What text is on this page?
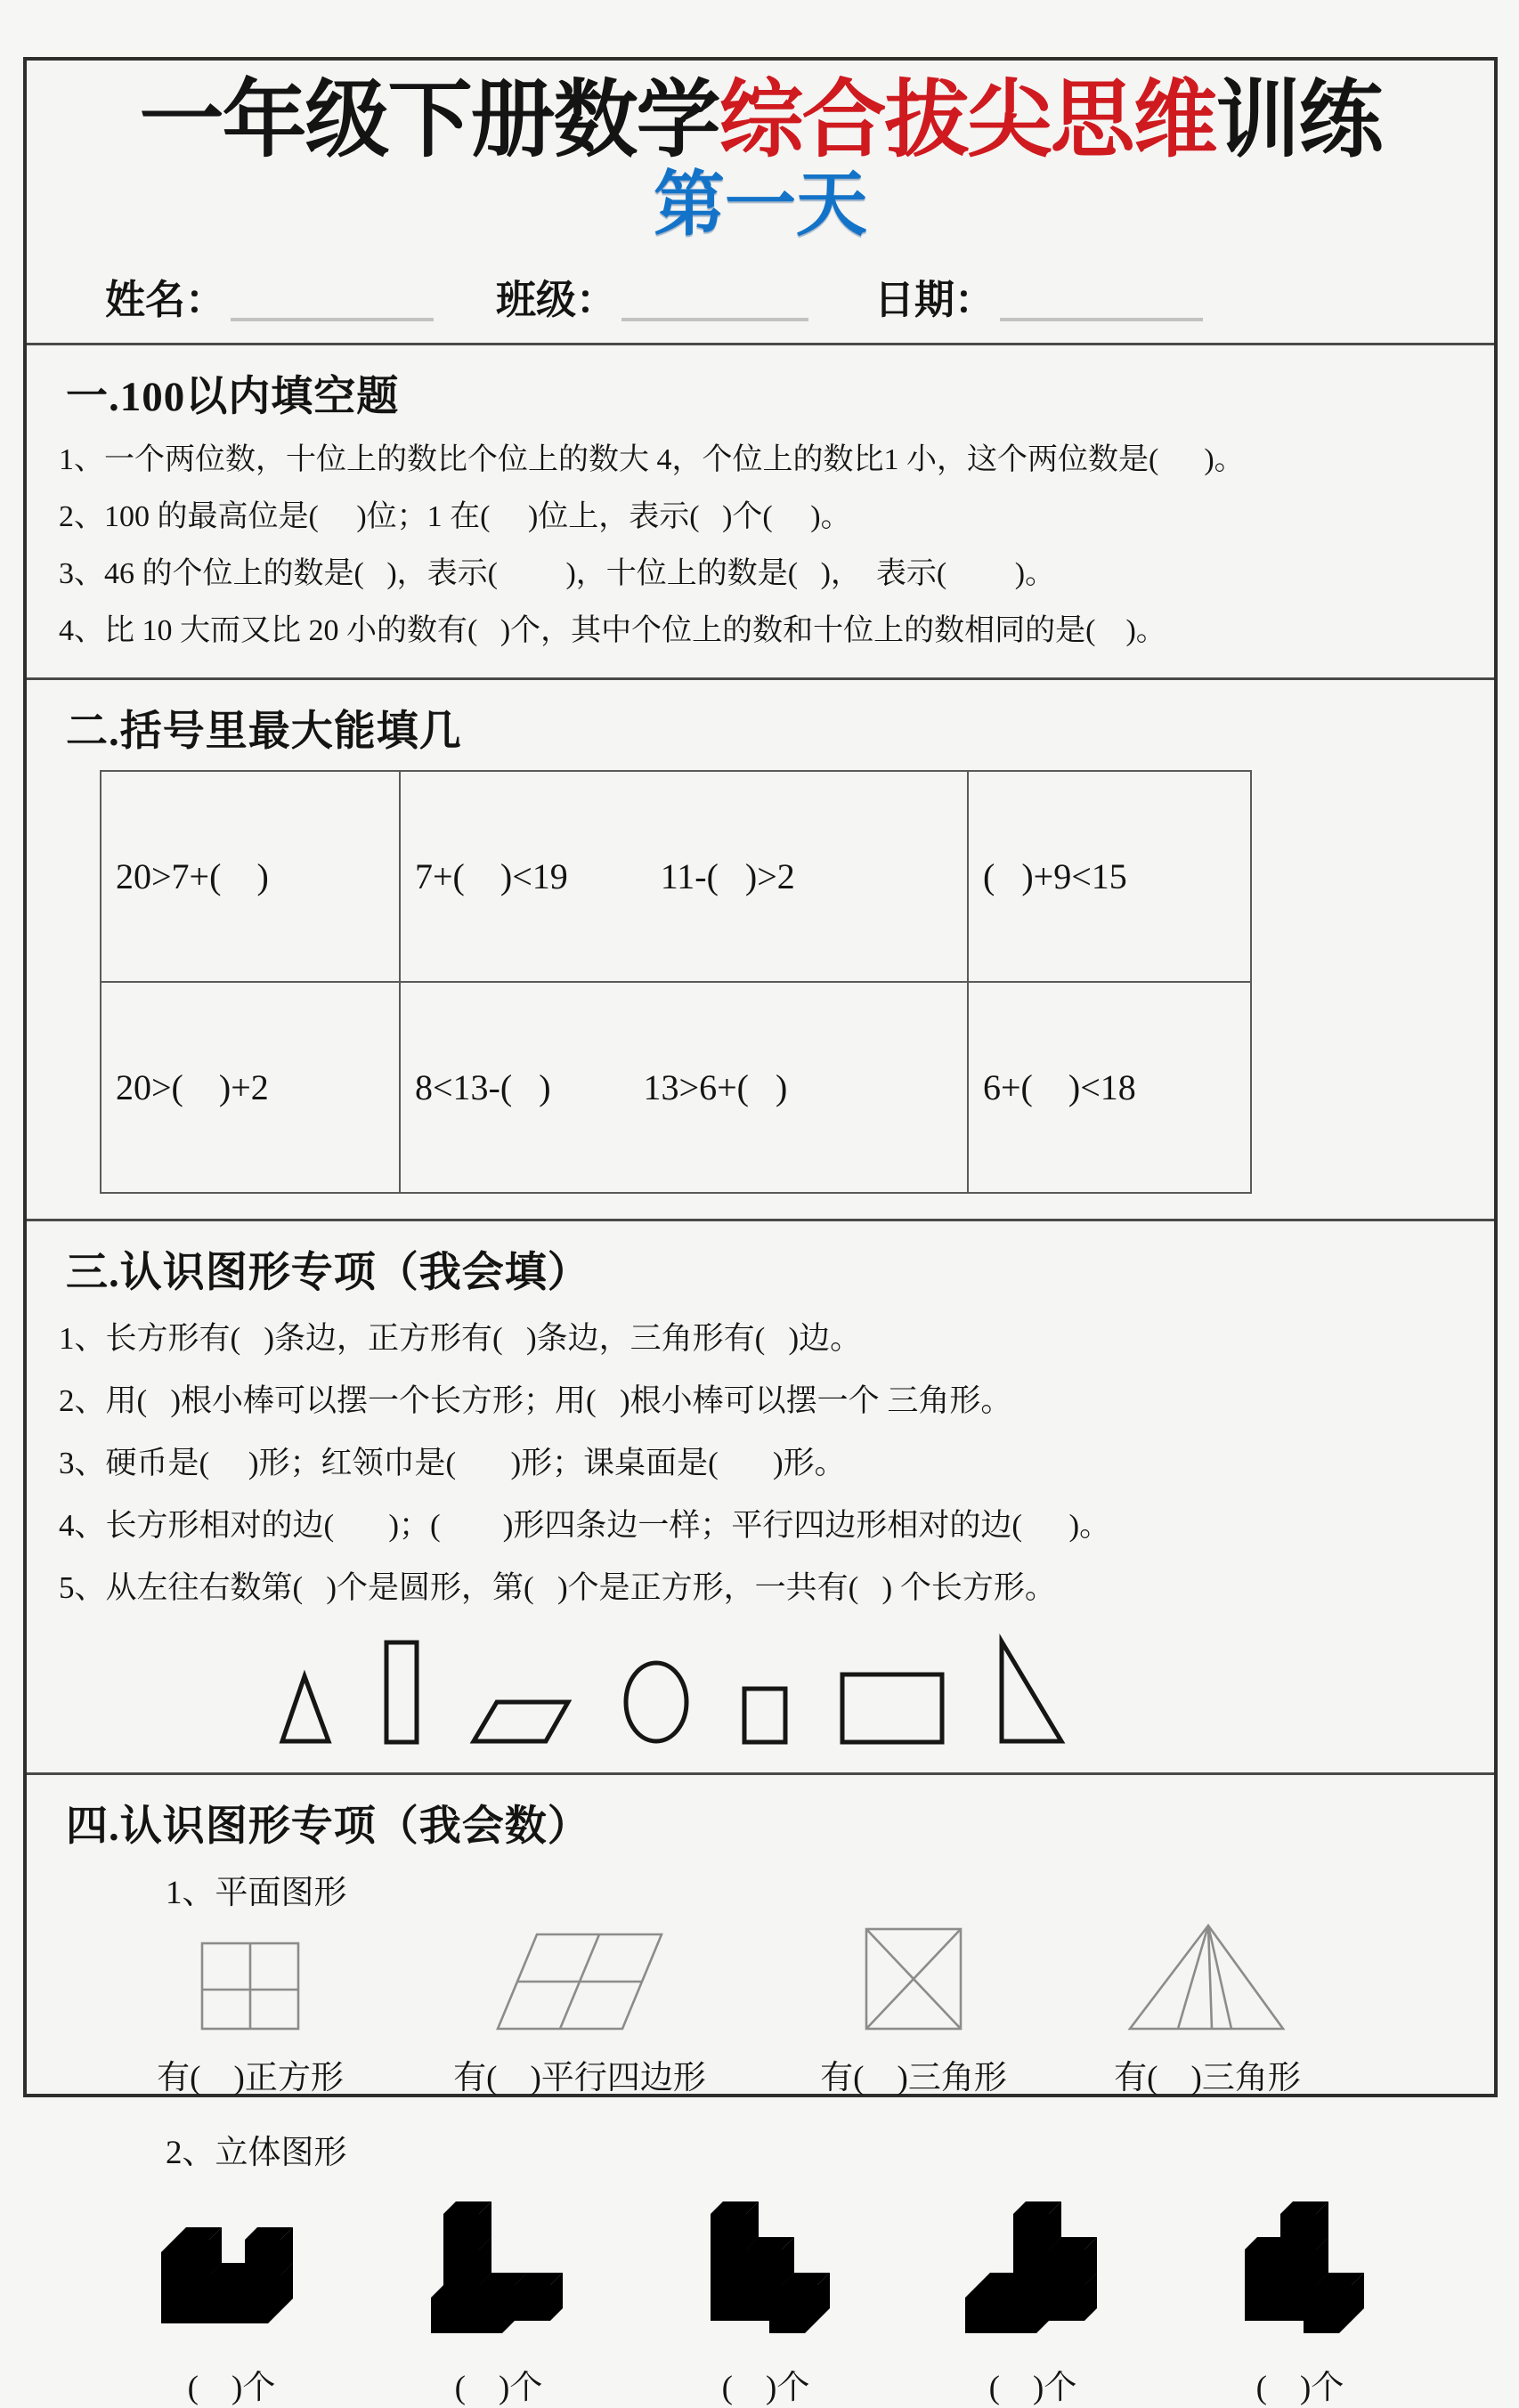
一年级下册数学综合拔尖思维训练
第一天
姓名：	班级：	日期：
一.100以内填空题
1、一个两位数，十位上的数比个位上的数大 4，个位上的数比1 小，这个两位数是(      )。
2、100 的最高位是(     )位；1 在(     )位上，表示(   )个(     )。
3、46 的个位上的数是(   )，表示(         )，十位上的数是(   )，  表示(         )。
4、比 10 大而又比 20 小的数有(   )个，其中个位上的数和十位上的数相同的是(    )。
二.括号里最大能填几
20>7+(    )	7+(    )<19 11-(   )>2	(   )+9<15
20>(    )+2	8<13-(   ) 13>6+(   )	6+(    )<18
三.认识图形专项（我会填）
1、长方形有(   )条边，正方形有(   )条边，三角形有(   )边。
2、用(   )根小棒可以摆一个长方形；用(   )根小棒可以摆一个 三角形。
3、硬币是(     )形；红领巾是(       )形；课桌面是(       )形。
4、长方形相对的边(       )；(        )形四条边一样；平行四边形相对的边(      )。
5、从左往右数第(   )个是圆形，第(   )个是正方形，一共有(   ) 个长方形。
四.认识图形专项（我会数）
1、平面图形
有(    )正方形	有(    )平行四边形	有(    )三角形	有(    )三角形
2、立体图形
(    )个	(    )个	(    )个	(    )个	(    )个
